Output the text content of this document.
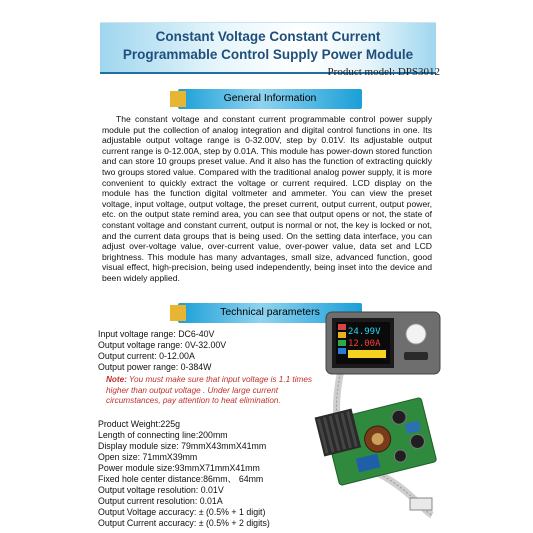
Constant Voltage Constant Current
Programmable Control Supply Power Module
Product model: DPS3012
General Information

The constant voltage and constant current programmable control power supply module put the collection of analog integration and digital control functions in one. Its adjustable output voltage range is 0-32.00V, step by 0.01V. Its adjustable output current range is 0-12.00A, step by 0.01A. This module has power-down stored function and can store 10 groups preset value. And it also has the function of extracting quickly two groups stored value. Compared with the traditional analog power supply, it is more convenient to quickly extract the voltage or current required. LCD display on the module has the function digital voltmeter and ammeter. You can view the preset voltage, input voltage, output voltage, the preset current, output current, output power, etc. on the output state remind area, you can see that output opens or not, the state of constant voltage and constant current, output is normal or not, the key is locked or not, and the current data groups that is being used. On the setting data interface, you can adjust over-voltage value, over-current value, over-power value, data set and LCD brightness. This module has many advantages, small size, advanced function, good visual effect, high-precision, being used independently, being inset into the device and been widely applied.

Technical parameters
Input voltage range: DC6-40V
Output voltage range: 0V-32.00V
Output current: 0-12.00A
Output power range: 0-384W
Note: You must make sure that input voltage is 1.1 times higher than output voltage . Under large current circumstances, pay attention to heat elimination.
Product Weight:225g
Length of connecting line:200mm
Display module size: 79mmX43mmX41mm
Open size: 71mmX39mm
Power module size:93mmX71mmX41mm
Fixed hole center distance:86mm、 64mm
Output voltage resolution: 0.01V
Output current resolution: 0.01A
Output Voltage accuracy: ± (0.5% + 1 digit)
Output Current accuracy: ± (0.5% + 2 digits)
24.99V
12.00A
